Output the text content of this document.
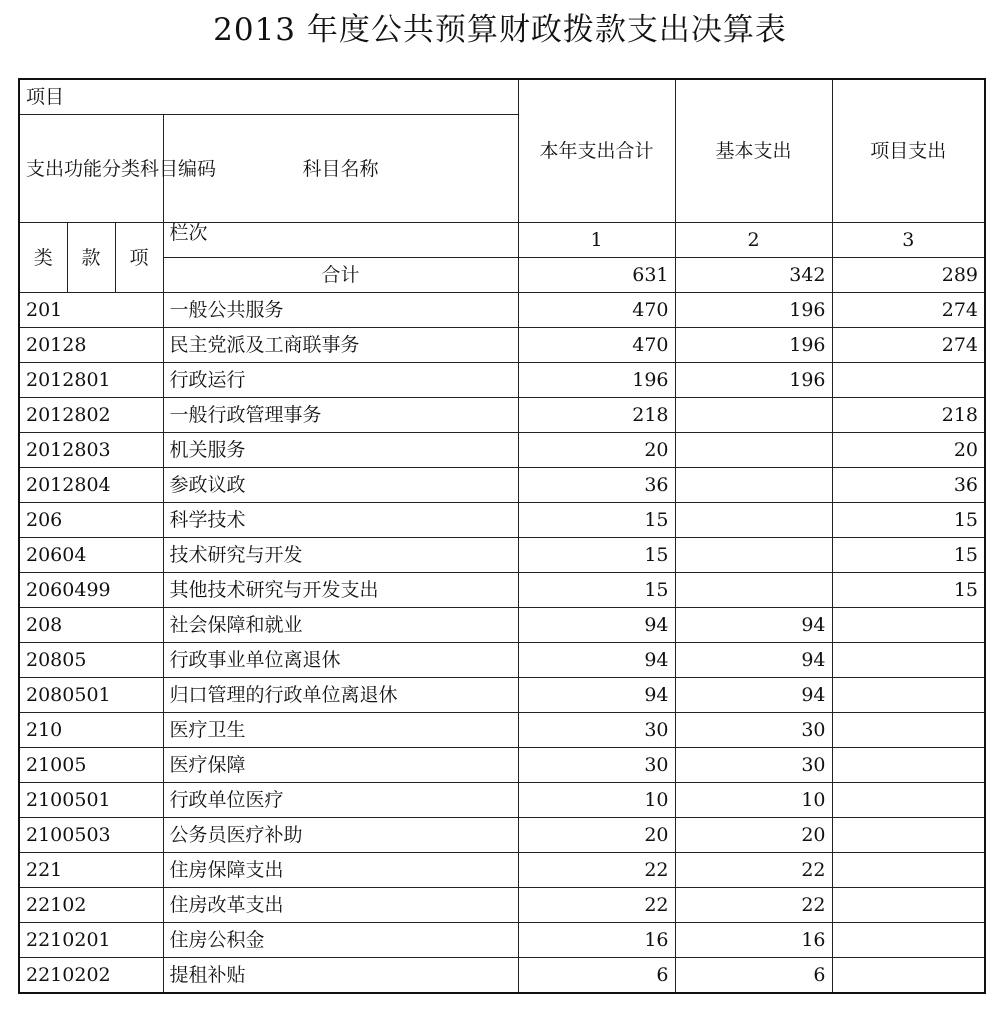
2013 年度公共预算财政拨款支出决算表
项目				本年支出合计	基本支出	项目支出
支出功能分类科目编码			科目名称			
类	款	项	栏次	1	2	3
			合计	631	342	289
201			一般公共服务	470	196	274
20128			民主党派及工商联事务	470	196	274
2012801			行政运行	196	196	
2012802			一般行政管理事务	218		218
2012803			机关服务	20		20
2012804			参政议政	36		36
206			科学技术	15		15
20604			技术研究与开发	15		15
2060499			其他技术研究与开发支出	15		15
208			社会保障和就业	94	94	
20805			行政事业单位离退休	94	94	
2080501			归口管理的行政单位离退休	94	94	
210			医疗卫生	30	30	
21005			医疗保障	30	30	
2100501			行政单位医疗	10	10	
2100503			公务员医疗补助	20	20	
221			住房保障支出	22	22	
22102			住房改革支出	22	22	
2210201			住房公积金	16	16	
2210202			提租补贴	6	6	
